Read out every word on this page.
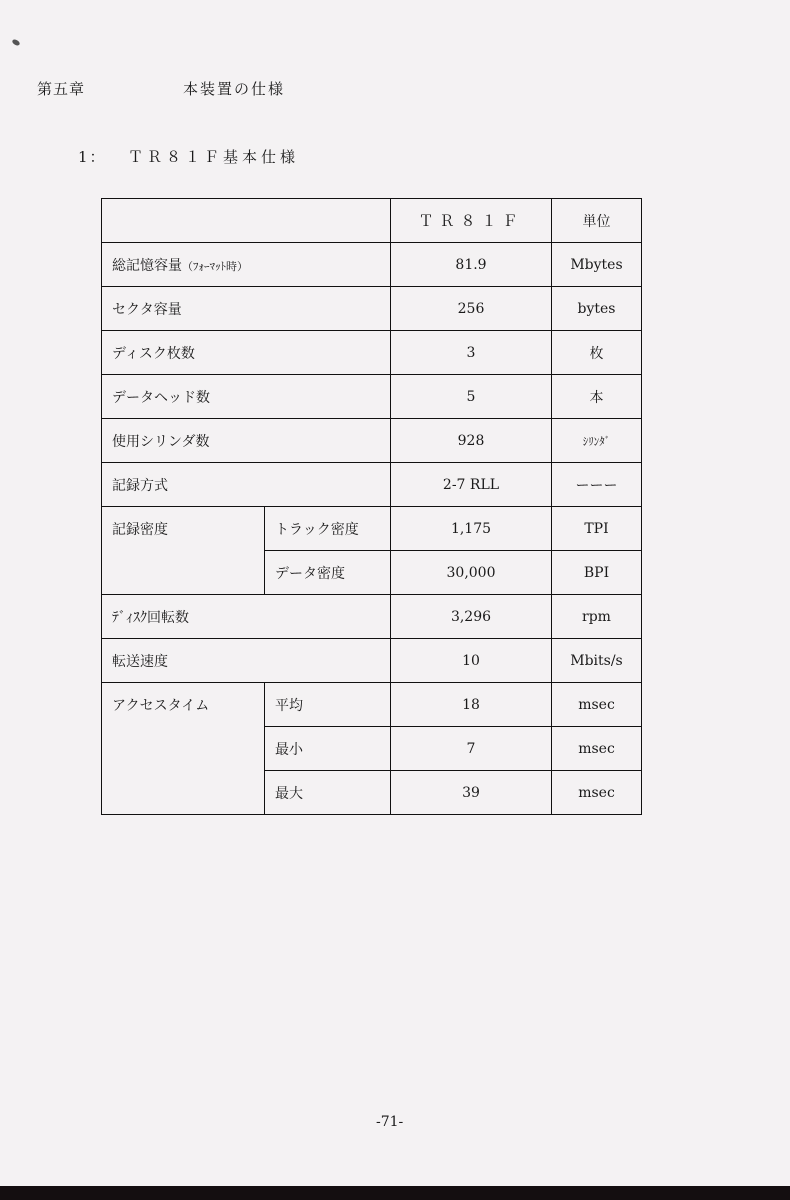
第五章	本装置の仕様
1： ＴＲ８１Ｆ基本仕様
		ＴＲ８１Ｆ	単位
総記憶容量（ﾌｫｰﾏｯﾄ時）		81.9	Mbytes
セクタ容量		256	bytes
ディスク枚数		3	枚
データヘッド数		5	本
使用シリンダ数		928	ｼﾘﾝﾀﾞ
記録方式		2-7 RLL	ーーー
記録密度	トラック密度	1,175	TPI
	データ密度	30,000	BPI
ﾃﾞｨｽｸ回転数		3,296	rpm
転送速度		10	Mbits/s
アクセスタイム	平均	18	msec
	最小	7	msec
	最大	39	msec
-71-
